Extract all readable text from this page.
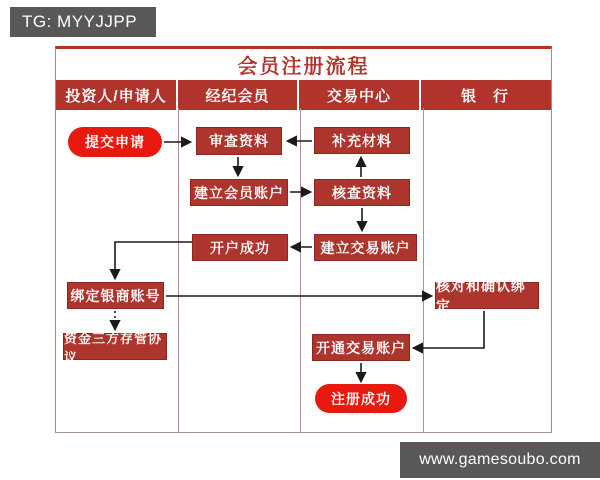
TG: MYYJJPP
会员注册流程
投资人/申请人	经纪会员	交易中心	银　行
提交申请	审查资料	补充材料
建立会员账户	核查资料
开户成功	建立交易账户
绑定银商账号
核对和确认绑定
资金三方存管协议
开通交易账户
注册成功
www.gamesoubo.com
